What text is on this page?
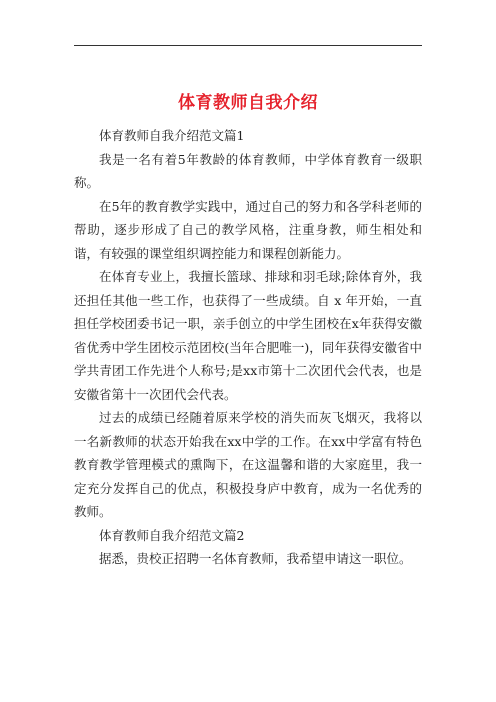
体育教师自我介绍

体育教师自我介绍范文篇1

我是一名有着5年教龄的体育教师，中学体育教育一级职称。

在5年的教育教学实践中，通过自己的努力和各学科老师的帮助，逐步形成了自己的教学风格，注重身教，师生相处和谐，有较强的课堂组织调控能力和课程创新能力。

在体育专业上，我擅长篮球、排球和羽毛球;除体育外，我还担任其他一些工作，也获得了一些成绩。自 x 年开始，一直担任学校团委书记一职，亲手创立的中学生团校在x年获得安徽省优秀中学生团校示范团校(当年合肥唯一)，同年获得安徽省中学共青团工作先进个人称号;是xx市第十二次团代会代表，也是安徽省第十一次团代会代表。

过去的成绩已经随着原来学校的消失而灰飞烟灭，我将以一名新教师的状态开始我在xx中学的工作。在xx中学富有特色教育教学管理模式的熏陶下，在这温馨和谐的大家庭里，我一定充分发挥自己的优点，积极投身庐中教育，成为一名优秀的教师。

体育教师自我介绍范文篇2

据悉，贵校正招聘一名体育教师，我希望申请这一职位。
